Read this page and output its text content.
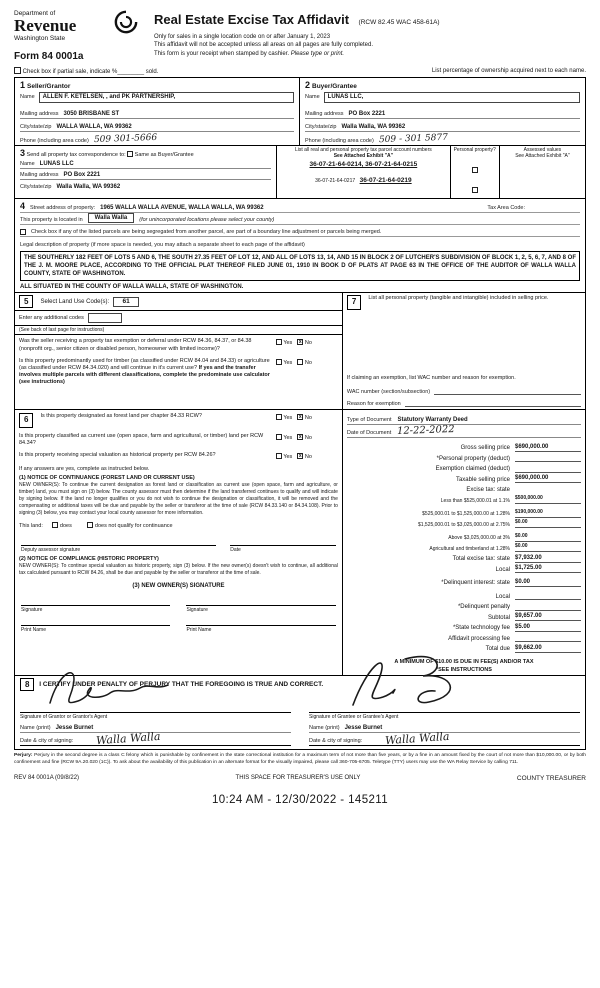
Department of
Revenue
Washington State
Form 84 0001a
Real Estate Excise Tax Affidavit (RCW 82.45 WAC 458-61A)
Only for sales in a single location code on or after January 1, 2023
This affidavit will not be accepted unless all areas on all pages are fully completed.
This form is your receipt when stamped by cashier. Please type or print.
Check box if partial sale, indicate %________ sold.	List percentage of ownership acquired next to each name.
1 Seller/Grantor
Name	ALLEN F. KETELSEN, , and PK PARTNERSHIP,
Mailing address 3050 BRISBANE ST
City/state/zip WALLA WALLA, WA 99362
Phone (including area code) 509 301-5666
2 Buyer/Grantee
Name	LUNAS LLC,
Mailing address PO Box 2221
City/state/zip Walla Walla, WA 99362
Phone (including area code) 509 - 301 5877
3 Send all property tax correspondence to: Same as Buyer/Grantee
Name LUNAS LLC
Mailing address PO Box 2221
City/state/zip Walla Walla, WA 99362
List all real and personal property tax parcel account numbers
See Attached Exhibit "A"
36-07-21-64-0214, 36-07-21-64-0215
36-07-21-64-0217 36-07-21-64-0219
Personal property?	Assessed values
See Attached Exhibit "A"
4 Street address of property: 1965 WALLA WALLA AVENUE, WALLA WALLA, WA 99362	Tax Area Code:
This property is located in	Walla Walla	(for unincorporated locations please select your county)
Check box if any of the listed parcels are being segregated from another parcel, are part of a boundary line adjustment or parcels being merged.
Legal description of property (if more space is needed, you may attach a separate sheet to each page of the affidavit)
THE SOUTHERLY 182 FEET OF LOTS 5 AND 6, THE SOUTH 27.35 FEET OF LOT 12, AND ALL OF LOTS 13, 14, AND 15 IN BLOCK 2 OF LUTCHER'S SUBDIVISION OF BLOCK 1, 2, 5, 6, 7, AND 8 OF THE J. M. MOORE PLACE, ACCORDING TO THE OFFICIAL PLAT THEREOF FILED JUNE 01, 1910 IN BOOK D OF PLATS AT PAGE 63 IN THE OFFICE OF THE AUDITOR OF WALLA WALLA COUNTY, STATE OF WASHINGTON.
ALL SITUATED IN THE COUNTY OF WALLA WALLA, STATE OF WASHINGTON.
5	Select Land Use Code(s):	61
Enter any additional codes
(See back of last page for instructions)
Was the seller receiving a property tax exemption or deferral under RCW 84.36, 84.37, or 84.38 (nonprofit org., senior citizen or disabled person, homeowner with limited income)?
Yes x No
Is this property predominantly used for timber (as classified under RCW 84.04 and 84.33) or agriculture (as classified under RCW 84.34.020) and will continue in it's current use? If yes and the transfer involves multiple parcels with different classifications, complete the predominate use calculator (see instructions)
Yes No
6	Is this property designated as forest land per chapter 84.33 RCW?	Yes x No
Is this property classified as current use (open space, farm and agricultural, or timber) land per RCW 84.34?
Yes x No
Is this property receiving special valuation as historical property per RCW 84.26?	Yes x No
If any answers are yes, complete as instructed below.
(1) NOTICE OF CONTINUANCE (FOREST LAND OR CURRENT USE)
NEW OWNER(S): To continue the current designation as forest land or classification as current use (open space, farm and agriculture, or timber) land, you must sign on (3) below. The county assessor must then determine if the land transferred continues to qualify and will indicate by signing below. If the land no longer qualifies or you do not wish to continue the designation or classification, it will be removed and the compensating or additional taxes will be due and payable by the seller or transferor at the time of sale (RCW 84.33.140 or 84.34.108). Prior to signing (3) below, you may contact your local county assessor for more information.
This land:	does	does not qualify for continuance
Deputy assessor signature	Date
(2) NOTICE OF COMPLIANCE (HISTORIC PROPERTY)
NEW OWNER(S): To continue special valuation as historic property, sign (3) below. If the new owner(s) doesn't wish to continue, all additional tax calculated pursuant to RCW 84.26, shall be due and payable by the seller or transferor at the time of sale.
(3) NEW OWNER(S) SIGNATURE
Signature	Signature
Print Name	Print Name
7	List all personal property (tangible and intangible) included in selling price.
If claiming an exemption, list WAC number and reason for exemption.
WAC number (section/subsection)
Reason for exemption
Type of Document Statutory Warranty Deed
Date of Document 12-22-2022
Gross selling price $690,000.00
*Personal property (deduct)
Exemption claimed (deduct)
Taxable selling price $690,000.00
Excise tax: state
Less than $525,000.01 at 1.1%	$500,000.00
$525,000.01 to $1,525,000.00 at 1.28%	$190,000.00
$1,525,000.01 to $3,025,000.00 at 2.75%	$0.00
Above $3,025,000.00 at 3%	$0.00
Agricultural and timberland at 1.28%	$0.00
Total excise tax: state $7,932.00
Local $1,725.00
*Delinquent interest: state $0.00
Local
*Delinquent penalty
Subtotal $9,657.00
*State technology fee $5.00
Affidavit processing fee
Total due $9,662.00
A MINIMUM OF $10.00 IS DUE IN FEE(S) AND/OR TAX
*SEE INSTRUCTIONS
8 I CERTIFY UNDER PENALTY OF PERJURY THAT THE FOREGOING IS TRUE AND CORRECT.
Signature of Grantor or Grantor's Agent
Name (print) Jesse Burnet
Date & city of signing: Walla Walla
Signature of Grantee or Grantee's Agent
Name (print) Jesse Burnet
Date & city of signing: Walla Walla
Perjury: Perjury in the second degree is a class C felony which is punishable by confinement in the state correctional institution for a maximum term of not more than five years, or by a fine in an amount fixed by the court of not more than $10,000.00, or by both confinement and fine (RCW 9A.20.020 (1C)). To ask about the availability of this publication in an alternate format for the visually impaired, please call 360-705-6705. Teletype (TTY) users may use the WA Relay Service by calling 711.
REV 84 0001A (09/8/22)	THIS SPACE FOR TREASURER'S USE ONLY	COUNTY TREASURER
10:24 AM - 12/30/2022 - 145211
